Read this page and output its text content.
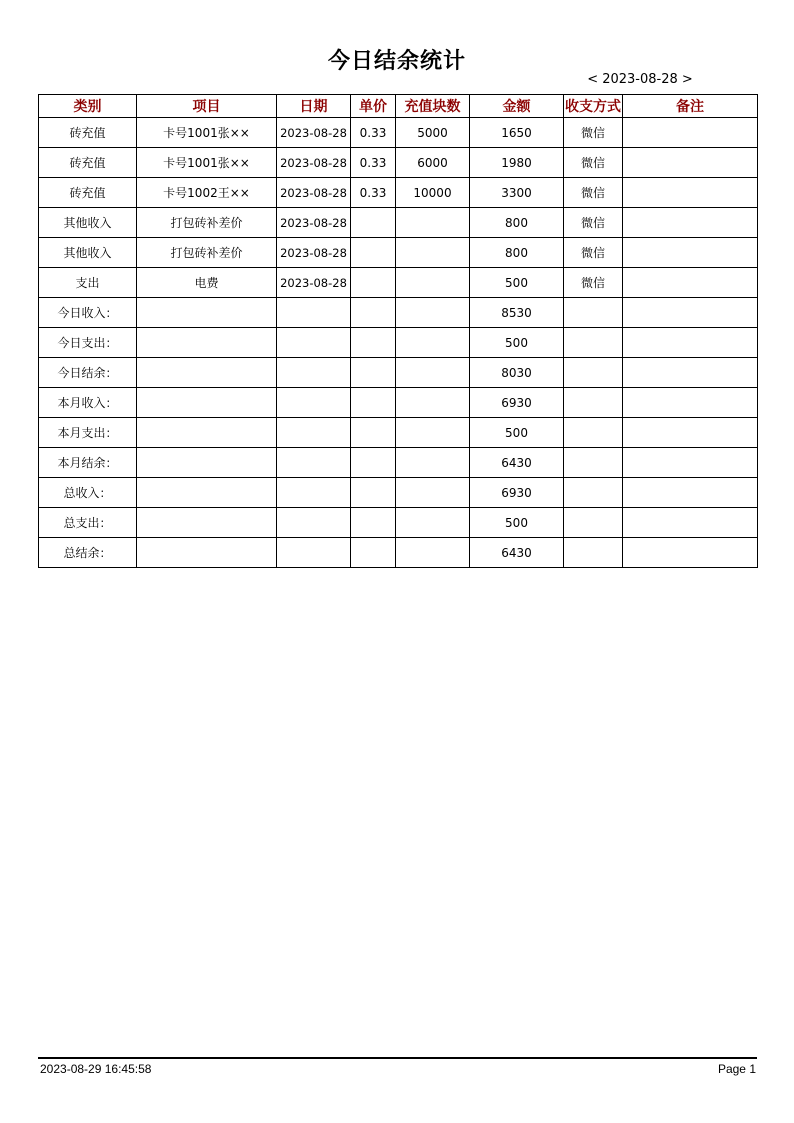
今日结余统计
< 2023-08-28 >
类别	项目	日期	单价	充值块数	金额	收支方式	备注
砖充值	卡号1001张××	2023-08-28	0.33	5000	1650	微信	
砖充值	卡号1001张××	2023-08-28	0.33	6000	1980	微信	
砖充值	卡号1002王××	2023-08-28	0.33	10000	3300	微信	
其他收入	打包砖补差价	2023-08-28			800	微信	
其他收入	打包砖补差价	2023-08-28			800	微信	
支出	电费	2023-08-28			500	微信	
今日收入：					8530		
今日支出：					500		
今日结余：					8030		
本月收入：					6930		
本月支出：					500		
本月结余：					6430		
总收入：					6930		
总支出：					500		
总结余：					6430		
2023-08-29 16:45:58	Page 1
